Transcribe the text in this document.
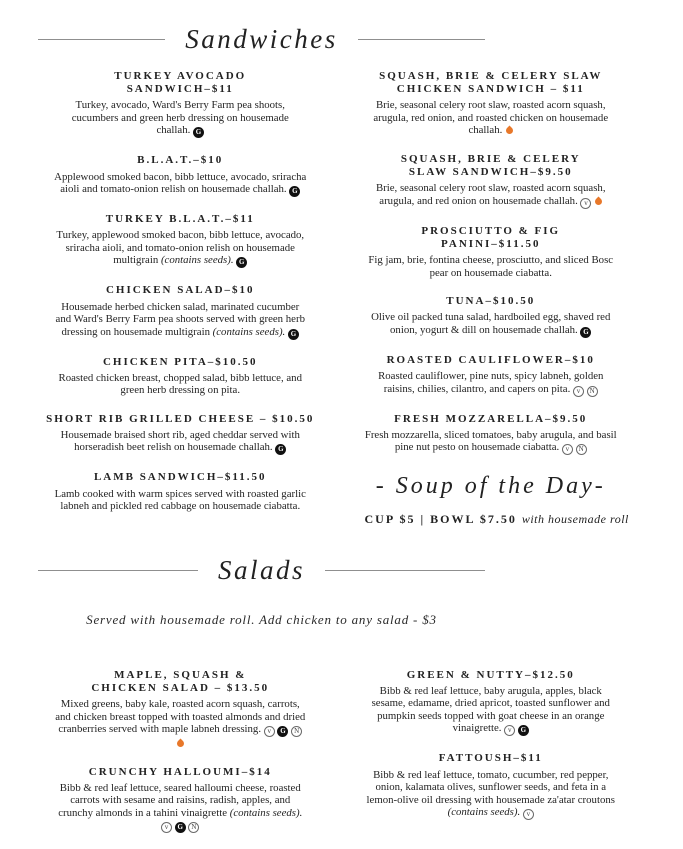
Sandwiches
TURKEY AVOCADO
SANDWICH–$11
Turkey, avocado, Ward's Berry Farm pea shoots, cucumbers and green herb dressing on housemade challah. G
B.L.A.T.–$10
Applewood smoked bacon, bibb lettuce, avocado, sriracha aioli and tomato-onion relish on housemade challah. G
TURKEY B.L.A.T.–$11
Turkey, applewood smoked bacon, bibb lettuce, avocado, sriracha aioli, and tomato-onion relish on housemade multigrain (contains seeds). G
CHICKEN SALAD–$10
Housemade herbed chicken salad, marinated cucumber and Ward's Berry Farm pea shoots served with green herb dressing on housemade multigrain (contains seeds). G
CHICKEN PITA–$10.50
Roasted chicken breast, chopped salad, bibb lettuce, and green herb dressing on pita.
SHORT RIB GRILLED CHEESE – $10.50
Housemade braised short rib, aged cheddar served with horseradish beet relish on housemade challah. G
LAMB SANDWICH–$11.50
Lamb cooked with warm spices served with roasted garlic labneh and pickled red cabbage on housemade ciabatta.
SQUASH, BRIE & CELERY SLAW
CHICKEN SANDWICH – $11
Brie, seasonal celery root slaw, roasted acorn squash, arugula, red onion, and roasted chicken on housemade challah.
SQUASH, BRIE & CELERY
SLAW SANDWICH–$9.50
Brie, seasonal celery root slaw, roasted acorn squash, arugula, and red onion on housemade challah. v
PROSCIUTTO & FIG
PANINI–$11.50
Fig jam, brie, fontina cheese, prosciutto, and sliced Bosc pear on housemade ciabatta.
TUNA–$10.50
Olive oil packed tuna salad, hardboiled egg, shaved red onion, yogurt & dill on housemade challah. G
ROASTED CAULIFLOWER–$10
Roasted cauliflower, pine nuts, spicy labneh, golden raisins, chilies, cilantro, and capers on pita. v N
FRESH MOZZARELLA–$9.50
Fresh mozzarella, sliced tomatoes, baby arugula, and basil pine nut pesto on housemade ciabatta. v N
- Soup of the Day-
CUP $5 | BOWL $7.50 with housemade roll
Salads
Served with housemade roll. Add chicken to any salad - $3
MAPLE, SQUASH &
CHICKEN SALAD – $13.50
Mixed greens, baby kale, roasted acorn squash, carrots, and chicken breast topped with toasted almonds and dried cranberries served with maple labneh dressing. v G N
CRUNCHY HALLOUMI–$14
Bibb & red leaf lettuce, seared halloumi cheese, roasted carrots with sesame and raisins, radish, apples, and crunchy almonds in a tahini vinaigrette (contains seeds). v G N
GREEN & NUTTY–$12.50
Bibb & red leaf lettuce, baby arugula, apples, black sesame, edamame, dried apricot, toasted sunflower and pumpkin seeds topped with goat cheese in an orange vinaigrette. v G
FATTOUSH–$11
Bibb & red leaf lettuce, tomato, cucumber, red pepper, onion, kalamata olives, sunflower seeds, and feta in a lemon-olive oil dressing with housemade za'atar croutons (contains seeds). v
